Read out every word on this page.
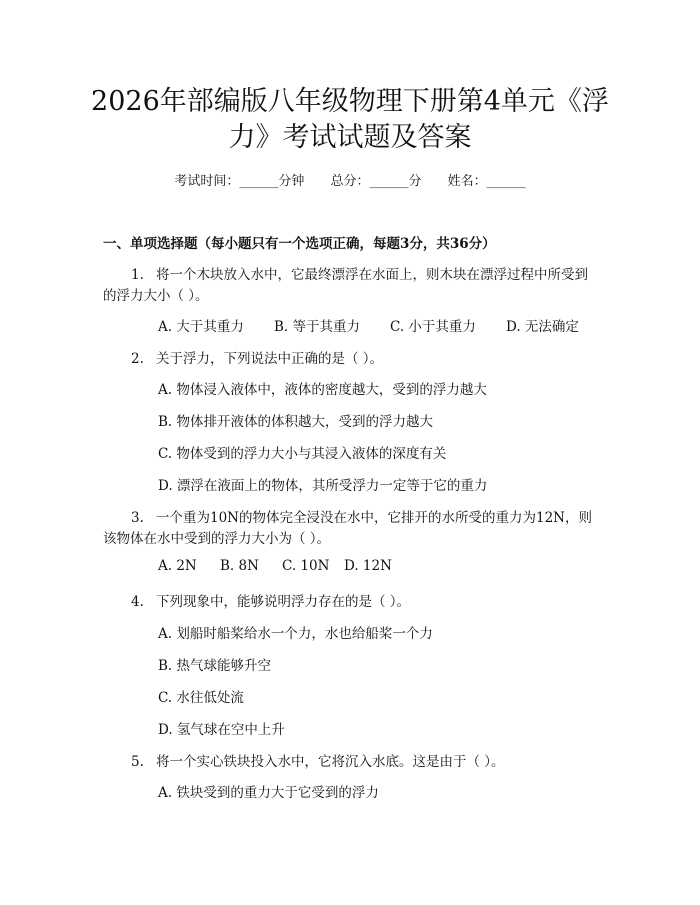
2026年部编版八年级物理下册第4单元《浮
力》考试试题及答案
考试时间：______分钟 总分：______分 姓名：______
一、单项选择题（每小题只有一个选项正确，每题3分，共36分）
1. 将一个木块放入水中，它最终漂浮在水面上，则木块在漂浮过程中所受到
的浮力大小（ ）。
A. 大于其重力 B. 等于其重力 C. 小于其重力 D. 无法确定
2. 关于浮力，下列说法中正确的是（ ）。
A. 物体浸入液体中，液体的密度越大，受到的浮力越大
B. 物体排开液体的体积越大，受到的浮力越大
C. 物体受到的浮力大小与其浸入液体的深度有关
D. 漂浮在液面上的物体，其所受浮力一定等于它的重力
3. 一个重为10N的物体完全浸没在水中，它排开的水所受的重力为12N，则
该物体在水中受到的浮力大小为（ ）。
A. 2N B. 8N C. 10N D. 12N
4. 下列现象中，能够说明浮力存在的是（ ）。
A. 划船时船桨给水一个力，水也给船桨一个力
B. 热气球能够升空
C. 水往低处流
D. 氢气球在空中上升
5. 将一个实心铁块投入水中，它将沉入水底。这是由于（ ）。
A. 铁块受到的重力大于它受到的浮力
